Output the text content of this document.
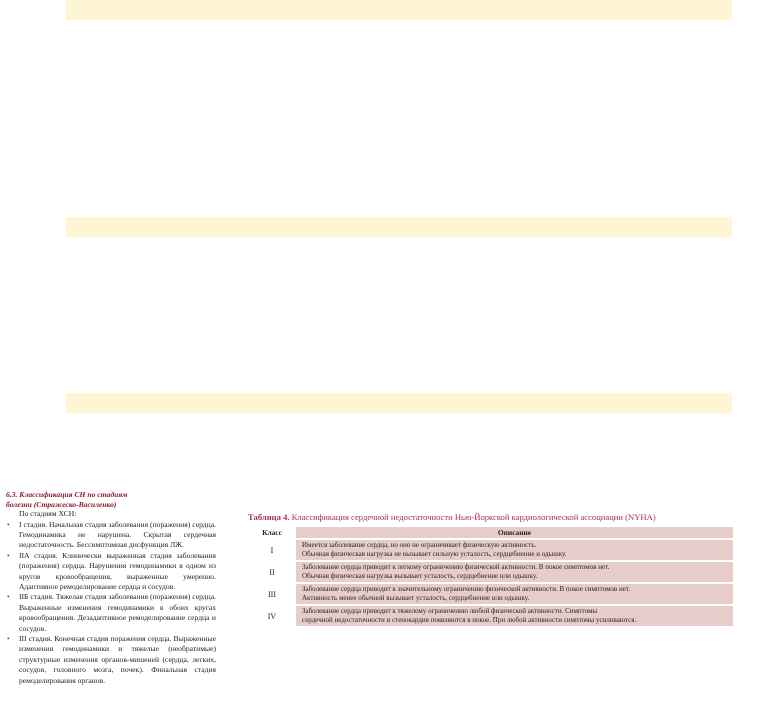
6.3. Классификация СН по стадиям
болезни (Стражеско-Василенко)

По стадиям ХСН:

• I стадия. Начальная стадия заболевания (поражения) сердца. Гемодинамика не нарушена. Скрытая сердечная недостаточность. Бессимптомная дисфункция ЛЖ.
• IIА стадия. Клинически выраженная стадия заболевания (поражения) сердца. Нарушения гемодинамики в одном из кругов кровообращения, выраженные умеренно. Адаптивное ремоделирование сердца и сосудов.
• IIБ стадия. Тяжелая стадия заболевания (поражения) сердца. Выраженные изменения гемодинамики в обоих кругах кровообращения. Дезадаптивное ремоделирование сердца и сосудов.
• III стадия. Конечная стадия поражения сердца. Выраженные изменения гемодинамики и тяжелые (необратимые) структурные изменения органов-мишеней (сердца, легких, сосудов, головного мозга, почек). Финальная стадия ремоделирования органов.
Таблица 4. Классификация сердечной недостаточности Нью-Йоркской кардиологической ассоциации (NYHA)
Класс	Описание
I	Имеется заболевание сердца, но оно не ограничивает физическую активность.
Обычная физическая нагрузка не вызывает сильную усталость, сердцебиение и одышку.

II	Заболевание сердца приводит к легкому ограничению физической активности. В покое симптомов нет.
Обычная физическая нагрузка вызывает усталость, сердцебиение или одышку.

III	Заболевание сердца приводит к значительному ограничению физической активности. В покое симптомов нет.
Активность менее обычной вызывает усталость, сердцебиение или одышку.

IV	Заболевание сердца приводит к тяжелому ограничению любой физической активности. Симптомы
сердечной недостаточности и стенокардия появляются в покое. При любой активности симптомы усиливаются.
